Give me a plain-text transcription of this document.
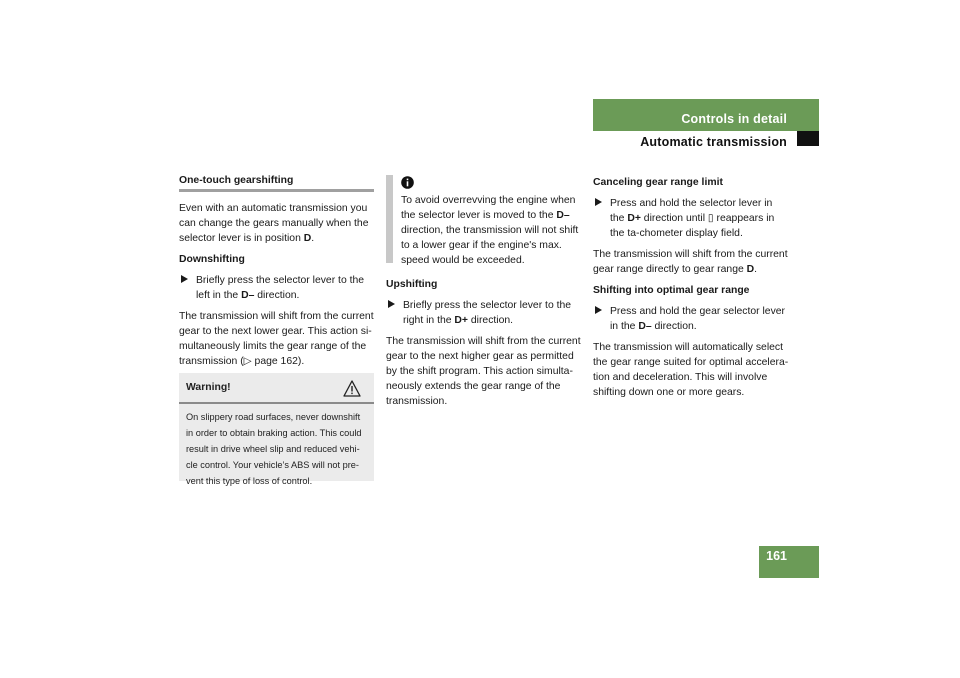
Controls in detail
Automatic transmission
161
One-touch gearshifting

Even with an automatic transmission you can change the gears manually when the selector lever is in position D.

Downshifting
Briefly press the selector lever to the left in the D– direction.

The transmission will shift from the current gear to the next lower gear. This action si-multaneously limits the gear range of the transmission (▷ page 162).

Warning!
On slippery road surfaces, never downshift in order to obtain braking action. This could result in drive wheel slip and reduced vehi-cle control. Your vehicle’s ABS will not pre-vent this type of loss of control.
To avoid overrevving the engine when the selector lever is moved to the D– direction, the transmission will not shift to a lower gear if the engine's max. speed would be exceeded.
Upshifting
Briefly press the selector lever to the right in the D+ direction.

The transmission will shift from the current gear to the next higher gear as permitted by the shift program. This action simulta-neously extends the gear range of the transmission.

Canceling gear range limit
Press and hold the selector lever in the D+ direction until ▯ reappears in the ta-chometer display field.

The transmission will shift from the current gear range directly to gear range D.

Shifting into optimal gear range
Press and hold the gear selector lever in the D– direction.

The transmission will automatically select the gear range suited for optimal accelera-tion and deceleration. This will involve shifting down one or more gears.
